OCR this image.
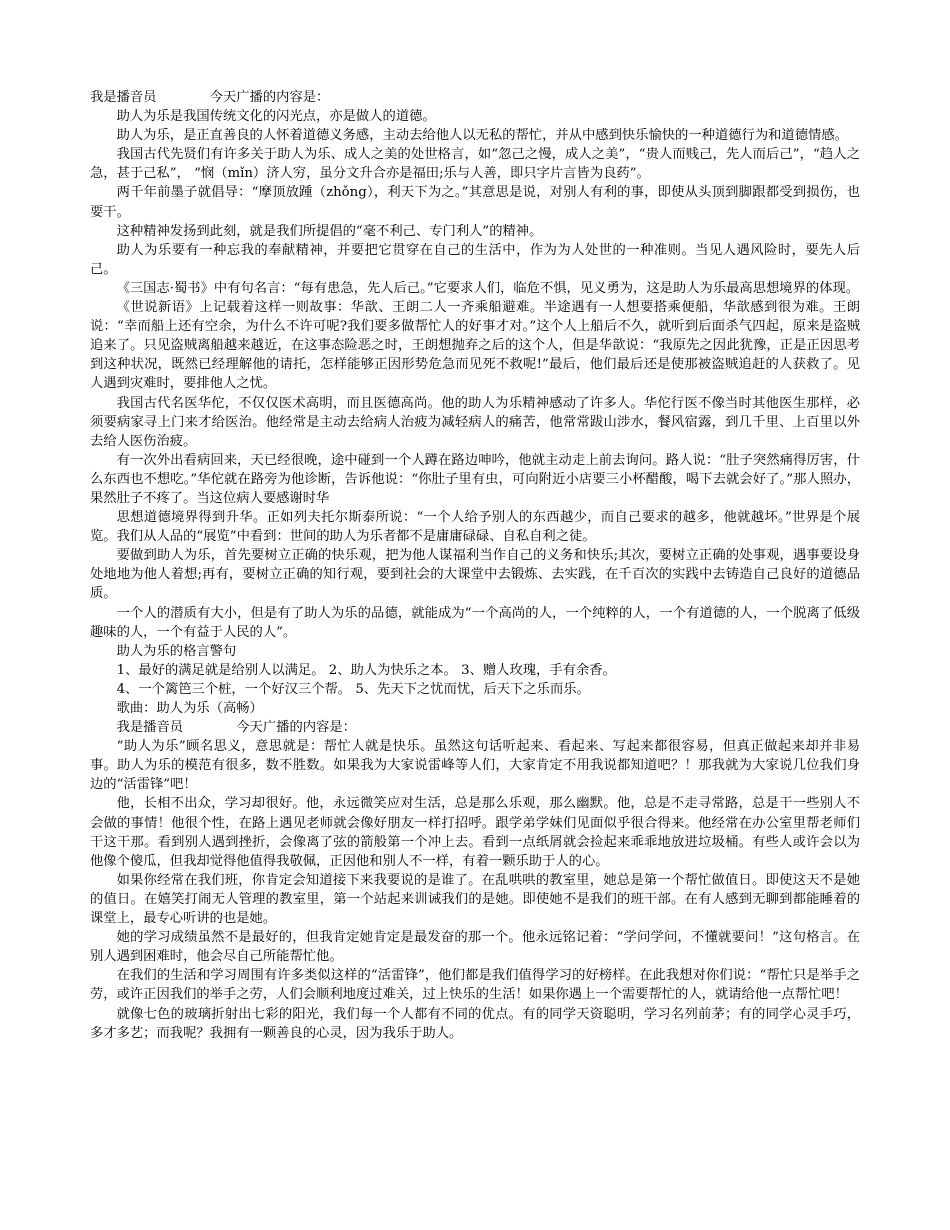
我是播音员　　　　今天广播的内容是：

　　助人为乐是我国传统文化的闪光点，亦是做人的道德。

助人为乐，是正直善良的人怀着道德义务感，主动去给他人以无私的帮忙，并从中感到快乐愉快的一种道德行为和道德情感。

我国古代先贤们有许多关于助人为乐、成人之美的处世格言，如“忽己之慢，成人之美”，“贵人而贱己，先人而后己”，“趋人之急，甚于己私”， “悯（mǐn）济人穷，虽分文升合亦是福田;乐与人善，即只字片言皆为良药”。

两千年前墨子就倡导：“摩顶放踵（zhǒng），利天下为之。”其意思是说，对别人有利的事，即使从头顶到脚跟都受到损伤，也要干。

这种精神发扬到此刻，就是我们所提倡的“毫不利己、专门利人”的精神。

助人为乐要有一种忘我的奉献精神，并要把它贯穿在自己的生活中，作为为人处世的一种准则。当见人遇风险时，要先人后己。

《三国志·蜀书》中有句名言：“每有患急，先人后己。”它要求人们，临危不惧，见义勇为，这是助人为乐最高思想境界的体现。

《世说新语》上记载着这样一则故事：华歆、王朗二人一齐乘船避难。半途遇有一人想要搭乘便船，华歆感到很为难。王朗说：“幸而船上还有空余，为什么不许可呢?我们要多做帮忙人的好事才对。”这个人上船后不久，就听到后面杀气四起，原来是盗贼追来了。只见盗贼离船越来越近，在这事态险恶之时，王朗想抛弃之后的这个人，但是华歆说：“我原先之因此犹豫，正是正因思考到这种状况，既然已经理解他的请托，怎样能够正因形势危急而见死不救呢!”最后，他们最后还是使那被盗贼追赶的人获救了。见人遇到灾难时，要排他人之忧。

我国古代名医华佗，不仅仅医术高明，而且医德高尚。他的助人为乐精神感动了许多人。华佗行医不像当时其他医生那样，必须要病家寻上门来才给医治。他经常是主动去给病人治疲为减轻病人的痛苦，他常常跋山涉水，餐风宿露，到几千里、上百里以外去给人医伤治疲。

有一次外出看病回来，天已经很晚，途中碰到一个人蹲在路边呻吟，他就主动走上前去询问。路人说：“肚子突然痛得厉害，什么东西也不想吃。”华佗就在路旁为他诊断，告诉他说：“你肚子里有虫，可向附近小店要三小杯醋酸，喝下去就会好了。”那人照办，果然肚子不疼了。当这位病人要感谢时华

思想道德境界得到升华。正如列夫托尔斯泰所说：“一个人给予别人的东西越少，而自己要求的越多，他就越坏。”世界是个展览。我们从人品的“展览”中看到：世间的助人为乐者都不是庸庸碌碌、自私自利之徒。

要做到助人为乐，首先要树立正确的快乐观，把为他人谋福利当作自己的义务和快乐;其次，要树立正确的处事观，遇事要设身处地地为他人着想;再有，要树立正确的知行观，要到社会的大课堂中去锻炼、去实践，在千百次的实践中去铸造自己良好的道德品质。

一个人的潜质有大小，但是有了助人为乐的品德，就能成为“一个高尚的人，一个纯粹的人，一个有道德的人，一个脱离了低级趣味的人，一个有益于人民的人”。

助人为乐的格言警句

1、最好的满足就是给别人以满足。 2、助人为快乐之本。 3、赠人玫瑰，手有余香。

4、一个篱笆三个桩，一个好汉三个帮。 5、先天下之忧而忧，后天下之乐而乐。

歌曲：助人为乐（高畅）

我是播音员　　　　今天广播的内容是：

“助人为乐”顾名思义，意思就是：帮忙人就是快乐。虽然这句话听起来、看起来、写起来都很容易，但真正做起来却并非易事。助人为乐的模范有很多，数不胜数。如果我为大家说雷峰等人们，大家肯定不用我说都知道吧？！那我就为大家说几位我们身边的“活雷锋”吧！

他，长相不出众，学习却很好。他，永远微笑应对生活，总是那么乐观，那么幽默。他，总是不走寻常路，总是干一些别人不会做的事情！他很个性，在路上遇见老师就会像好朋友一样打招呼。跟学弟学妹们见面似乎很合得来。他经常在办公室里帮老师们干这干那。看到别人遇到挫折，会像离了弦的箭般第一个冲上去。看到一点纸屑就会捡起来乖乖地放进垃圾桶。有些人或许会以为他像个傻瓜，但我却觉得他值得我敬佩，正因他和别人不一样，有着一颗乐助于人的心。

如果你经常在我们班，你肯定会知道接下来我要说的是谁了。在乱哄哄的教室里，她总是第一个帮忙做值日。即使这天不是她的值日。在嬉笑打闹无人管理的教室里，第一个站起来训诫我们的是她。即使她不是我们的班干部。在有人感到无聊到都能睡着的课堂上，最专心听讲的也是她。

她的学习成绩虽然不是最好的，但我肯定她肯定是最发奋的那一个。他永远铭记着：“学问学问，不懂就要问！”这句格言。在别人遇到困难时，他会尽自己所能帮忙他。

在我们的生活和学习周围有许多类似这样的“活雷锋”，他们都是我们值得学习的好榜样。在此我想对你们说：“帮忙只是举手之劳，或许正因我们的举手之劳，人们会顺利地度过难关，过上快乐的生活！如果你遇上一个需要帮忙的人，就请给他一点帮忙吧！

就像七色的玻璃折射出七彩的阳光，我们每一个人都有不同的优点。有的同学天资聪明，学习名列前茅；有的同学心灵手巧，多才多艺；而我呢？我拥有一颗善良的心灵，因为我乐于助人。
